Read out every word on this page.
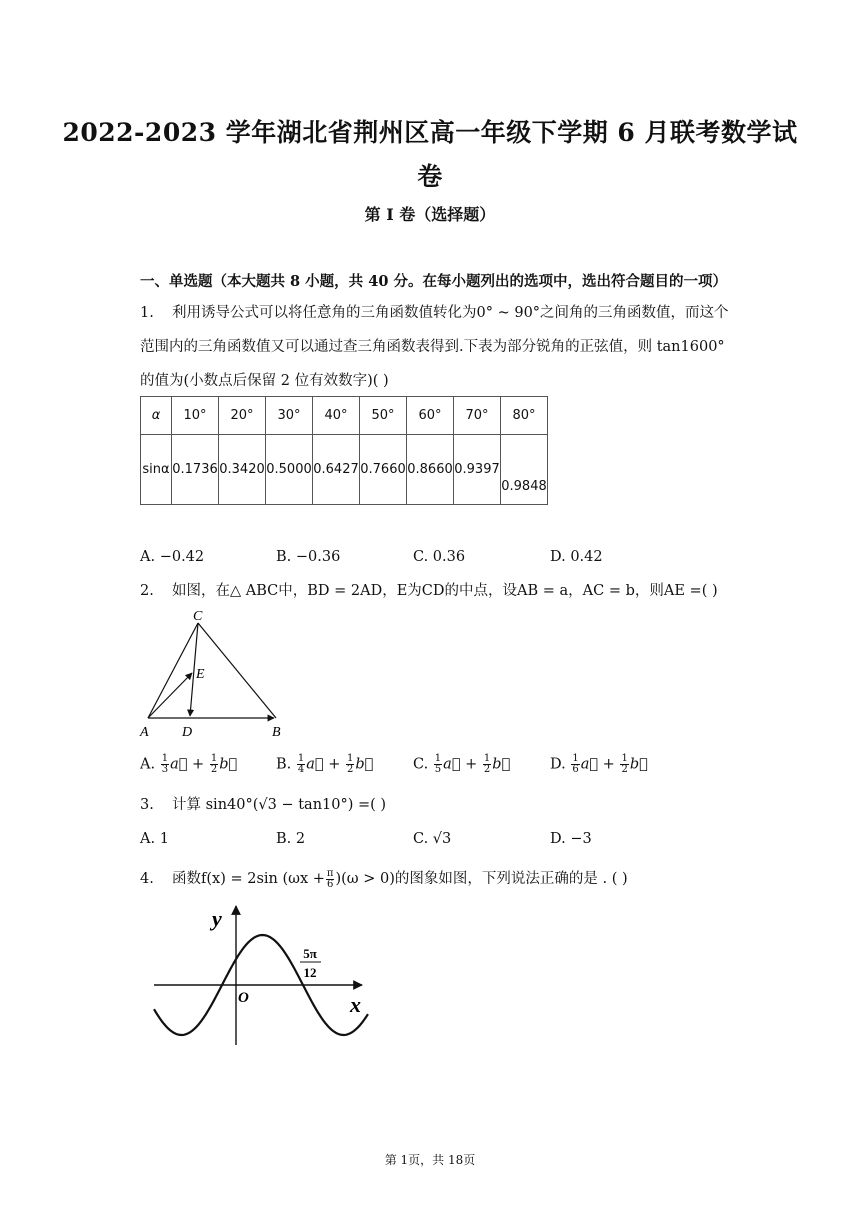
2022-2023 学年湖北省荆州区高一年级下学期 6 月联考数学试
卷
第 I 卷（选择题）
一、单选题（本大题共 8 小题，共 40 分。在每小题列出的选项中，选出符合题目的一项）
1. 利用诱导公式可以将任意角的三角函数值转化为0° ~ 90°之间角的三角函数值，而这个
范围内的三角函数值又可以通过查三角函数表得到.下表为部分锐角的正弦值，则 tan1600°
的值为(小数点后保留 2 位有效数字)( )
α	10°	20°	30°	40°	50°	60°	70°	80°
sinα	0.1736	0.3420	0.5000	0.6427	0.7660	0.8660	0.9397	0.9848
A. −0.42	B. −0.36	C. 0.36	D. 0.42
2. 如图，在△ ABC中，BD = 2AD，E为CD的中点，设AB = a，AC = b，则AE =( )
C
E
A D	B
A. $\frac{1}{3}$ a⃗ + $\frac{1}{2}$ b⃗	B. $\frac{1}{4}$ a⃗ + $\frac{1}{2}$ b⃗	C. $\frac{1}{5}$ a⃗ + $\frac{1}{2}$ b⃗	D. $\frac{1}{6}$ a⃗ + $\frac{1}{2}$ b⃗
3. 计算 sin40°(√3 − tan10°) =( )
A. 1	B. 2	C. √3	D. −3
4. 函数f(x) = 2sin $(\omega x + \frac{\pi}{6} )(\omega > 0)$的图象如图，下列说法正确的是 . ( )
y
x
O
5π
12
第 1页，共 18页
